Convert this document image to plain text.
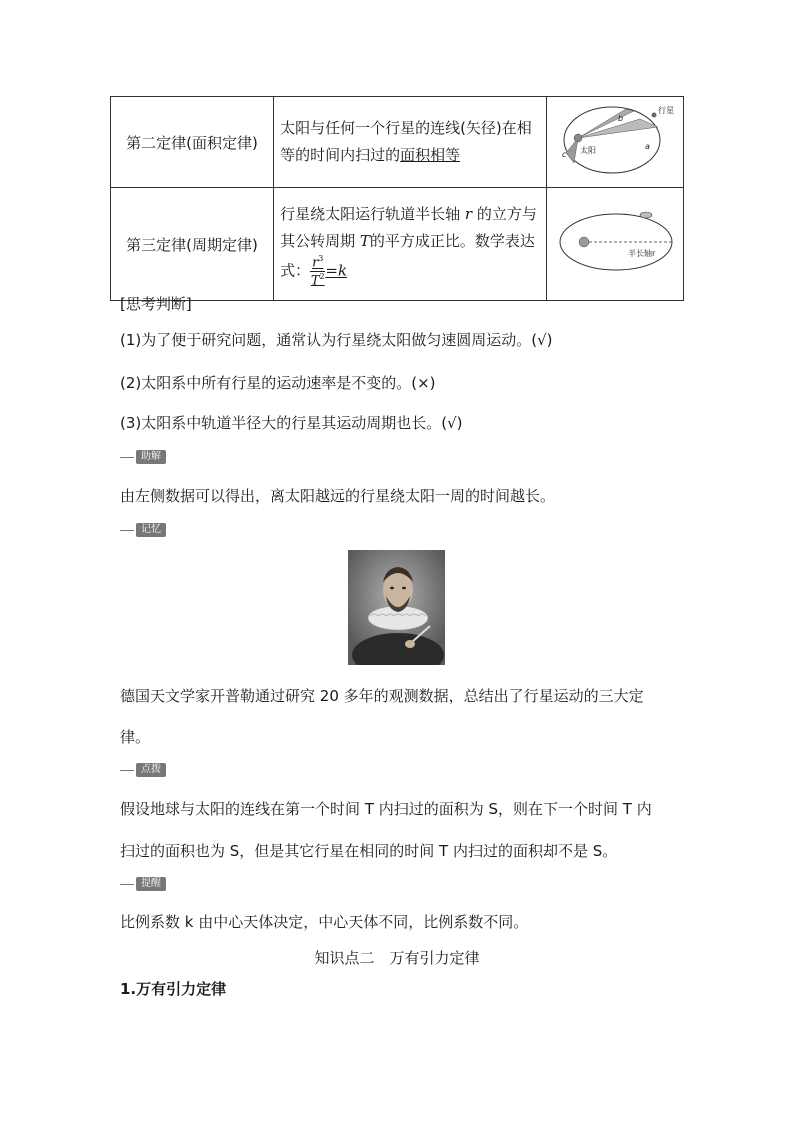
第二定律(面积定律)	太阳与任何一个行星的连线(矢径)在相等的时间内扫过的面积相等	行星
太阳 a
b
c

第三定律(周期定律)	行星绕太阳运行轨道半长轴 r 的立方与其公转周期 T的平方成正比。数学表达式： $\frac{r^3}{T^2} =k$	半长轴r
[思考判断]
(1)为了便于研究问题，通常认为行星绕太阳做匀速圆周运动。(√)
(2)太阳系中所有行星的运动速率是不变的。(×)
(3)太阳系中轨道半径大的行星其运动周期也长。(√)
助解
由左侧数据可以得出，离太阳越远的行星绕太阳一周的时间越长。
记忆
德国天文学家开普勒通过研究 20 多年的观测数据，总结出了行星运动的三大定
律。
点拨
假设地球与太阳的连线在第一个时间 T 内扫过的面积为 S，则在下一个时间 T 内
扫过的面积也为 S，但是其它行星在相同的时间 T 内扫过的面积却不是 S。
提醒
比例系数 k 由中心天体决定，中心天体不同，比例系数不同。
知识点二　万有引力定律
1.万有引力定律
